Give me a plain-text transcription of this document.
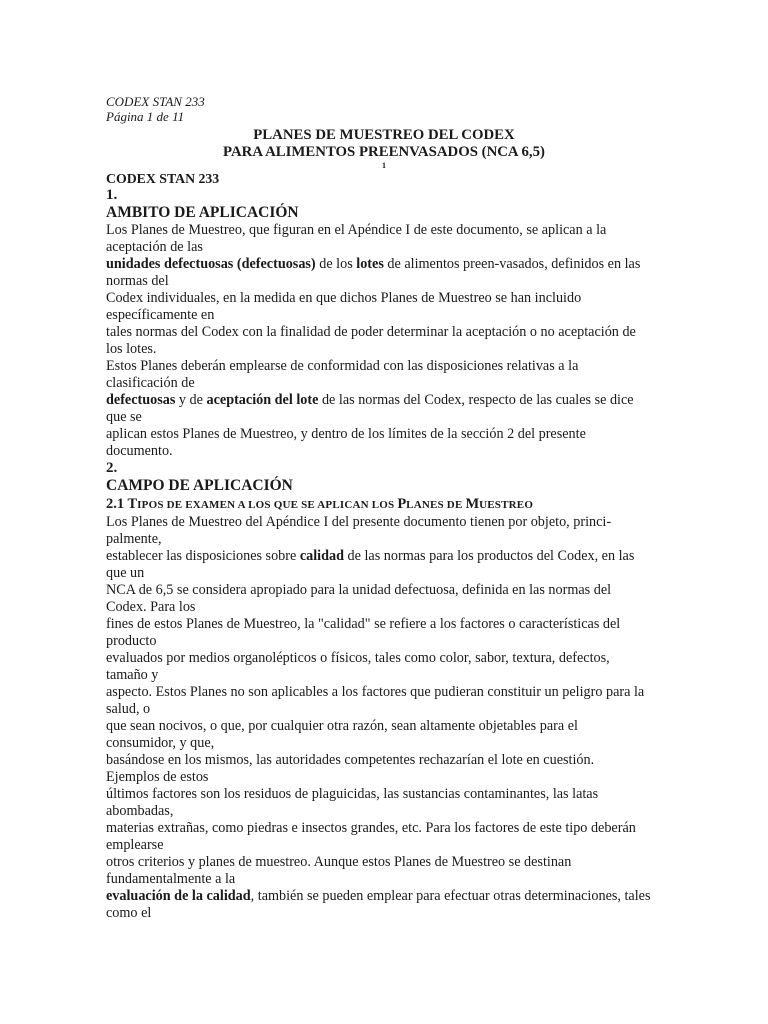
CODEX STAN 233
Página 1 de 11
PLANES DE MUESTREO DEL CODEX
PARA ALIMENTOS PREENVASADOS (NCA 6,5)
1
CODEX STAN 233
1.
AMBITO DE APLICACIÓN

Los Planes de Muestreo, que figuran en el Apéndice I de este documento, se aplican a la

aceptación de las

unidades defectuosas (defectuosas) de los lotes de alimentos preen-vasados, definidos en las

normas del

Codex individuales, en la medida en que dichos Planes de Muestreo se han incluido

específicamente en

tales normas del Codex con la finalidad de poder determinar la aceptación o no aceptación de

los lotes.

Estos Planes deberán emplearse de conformidad con las disposiciones relativas a la

clasificación de

defectuosas y de aceptación del lote de las normas del Codex, respecto de las cuales se dice

que se

aplican estos Planes de Muestreo, y dentro de los límites de la sección 2 del presente

documento.

2.
CAMPO DE APLICACIÓN
2.1 TIPOS DE EXAMEN A LOS QUE SE APLICAN LOS PLANES DE MUESTREO

Los Planes de Muestreo del Apéndice I del presente documento tienen por objeto, princi-

palmente,

establecer las disposiciones sobre calidad de las normas para los productos del Codex, en las

que un

NCA de 6,5 se considera apropiado para la unidad defectuosa, definida en las normas del

Codex. Para los

fines de estos Planes de Muestreo, la "calidad" se refiere a los factores o características del

producto

evaluados por medios organolépticos o físicos, tales como color, sabor, textura, defectos,

tamaño y

aspecto. Estos Planes no son aplicables a los factores que pudieran constituir un peligro para la

salud, o

que sean nocivos, o que, por cualquier otra razón, sean altamente objetables para el

consumidor, y que,

basándose en los mismos, las autoridades competentes rechazarían el lote en cuestión.

Ejemplos de estos

últimos factores son los residuos de plaguicidas, las sustancias contaminantes, las latas

abombadas,

materias extrañas, como piedras e insectos grandes, etc. Para los factores de este tipo deberán

emplearse

otros criterios y planes de muestreo. Aunque estos Planes de Muestreo se destinan

fundamentalmente a la

evaluación de la calidad, también se pueden emplear para efectuar otras determinaciones, tales

como el
